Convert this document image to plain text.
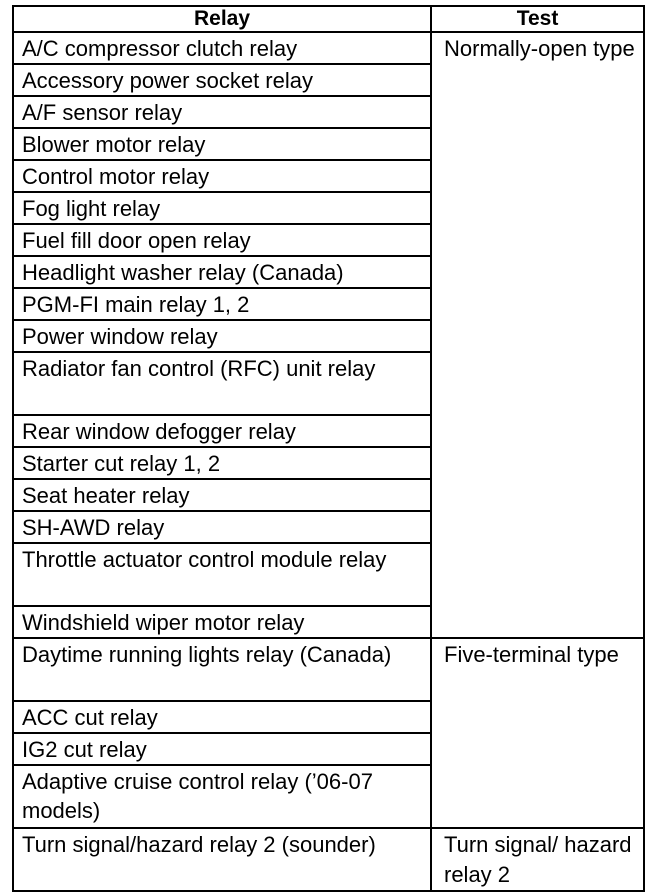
Relay	Test
A/C compressor clutch relay	Normally-open type
Accessory power socket relay	
A/F sensor relay	
Blower motor relay	
Control motor relay	
Fog light relay	
Fuel fill door open relay	
Headlight washer relay (Canada)	
PGM-FI main relay 1, 2	
Power window relay	
Radiator fan control (RFC) unit relay	
Rear window defogger relay	
Starter cut relay 1, 2	
Seat heater relay	
SH-AWD relay	
Throttle actuator control module relay	
Windshield wiper motor relay	
Daytime running lights relay (Canada)	Five-terminal type
ACC cut relay	
IG2 cut relay	
Adaptive cruise control relay (’06-07 models)	
Turn signal/hazard relay 2 (sounder)	Turn signal/ hazard relay 2
